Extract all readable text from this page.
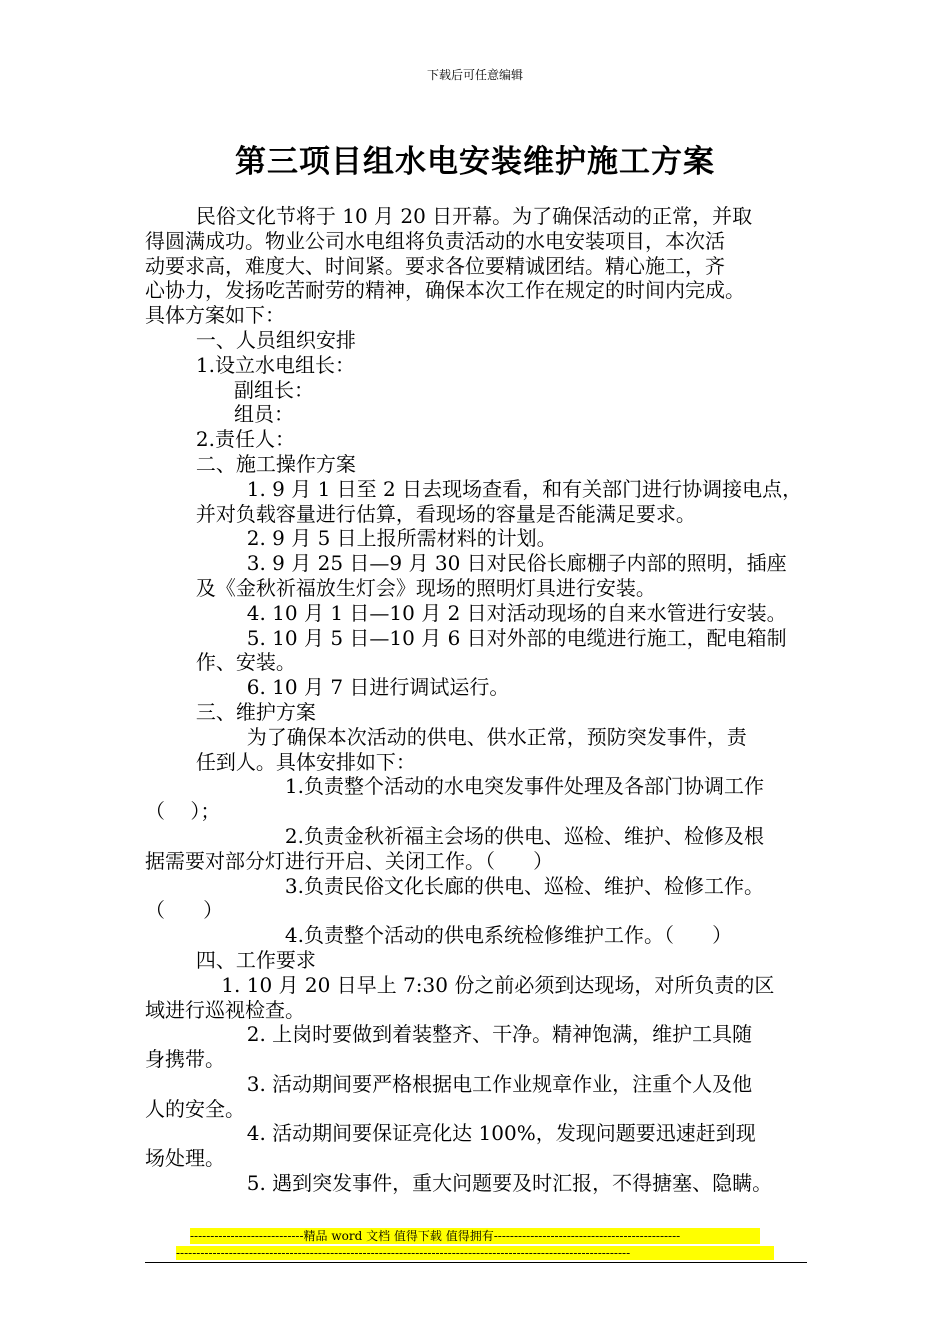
下载后可任意编辑
第三项目组水电安装维护施工方案
民俗文化节将于 10 月 20 日开幕。为了确保活动的正常，并取
得圆满成功。物业公司水电组将负责活动的水电安装项目，本次活
动要求高，难度大、时间紧。要求各位要精诚团结。精心施工，齐
心协力，发扬吃苦耐劳的精神，确保本次工作在规定的时间内完成。
具体方案如下：
一、人员组织安排
1.设立水电组长：
副组长：
组员：
2.责任人：
二、施工操作方案
1. 9 月 1 日至 2 日去现场查看，和有关部门进行协调接电点，
并对负载容量进行估算，看现场的容量是否能满足要求。
2. 9 月 5 日上报所需材料的计划。
3. 9 月 25 日—9 月 30 日对民俗长廊棚子内部的照明，插座
及《金秋祈福放生灯会》现场的照明灯具进行安装。
4. 10 月 1 日—10 月 2 日对活动现场的自来水管进行安装。
5. 10 月 5 日—10 月 6 日对外部的电缆进行施工，配电箱制
作、安装。
6. 10 月 7 日进行调试运行。
三、维护方案
为了确保本次活动的供电、供水正常，预防突发事件，责
任到人。具体安排如下：
1.负责整个活动的水电突发事件处理及各部门协调工作
（    ）；
2.负责金秋祈福主会场的供电、巡检、维护、检修及根
据需要对部分灯进行开启、关闭工作。（      ）
3.负责民俗文化长廊的供电、巡检、维护、检修工作。
（      ）
4.负责整个活动的供电系统检修维护工作。（      ）
四、工作要求
1. 10 月 20 日早上 7:30 份之前必须到达现场，对所负责的区
域进行巡视检查。
2. 上岗时要做到着装整齐、干净。精神饱满，维护工具随
身携带。
3. 活动期间要严格根据电工作业规章作业，注重个人及他
人的安全。
4. 活动期间要保证亮化达 100%，发现问题要迅速赶到现
场处理。
5. 遇到突发事件，重大问题要及时汇报，不得搪塞、隐瞒。
----------------------------精品 word 文档 值得下载 值得拥有----------------------------------------------
----------------------------------------------------------------------------------------------------------------
